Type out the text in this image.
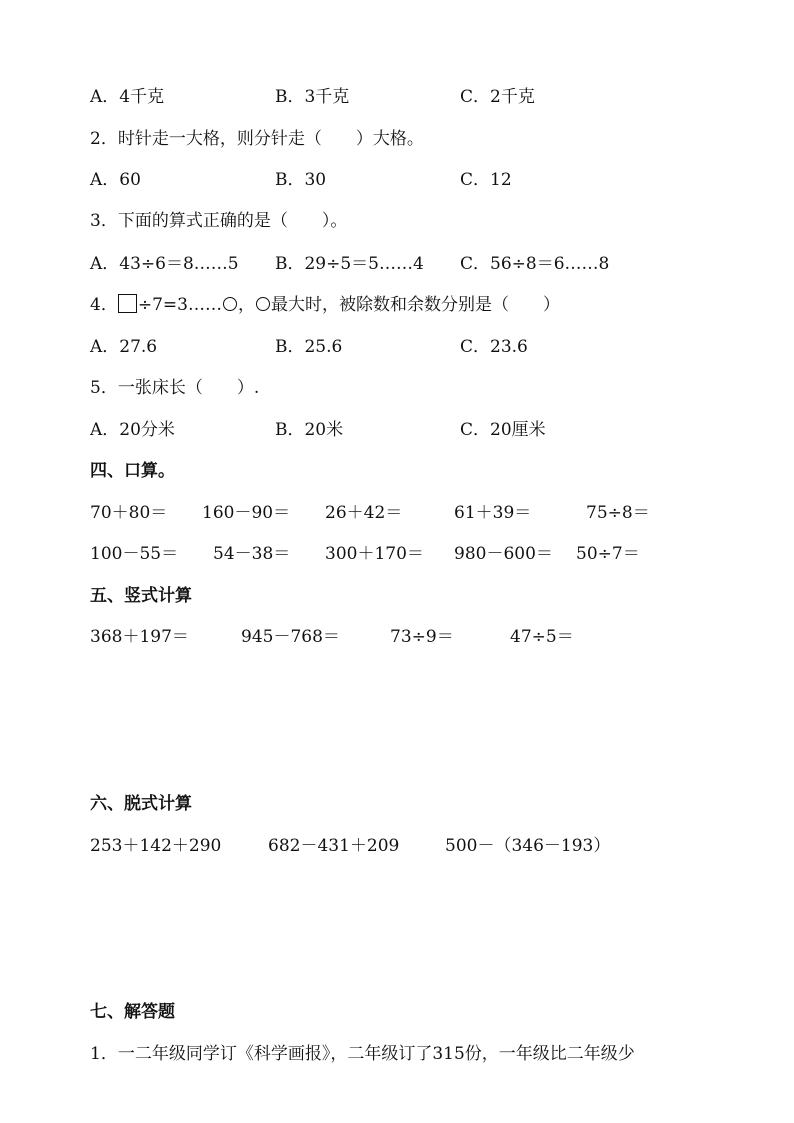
A．4千克	B．3千克	C．2千克
2．时针走一大格，则分针走（　　）大格。
A．60	B．30	C．12
3．下面的算式正确的是（　　）。
A．43÷6＝8……5 B．29÷5＝5……4 C．56÷8＝6……8
4． ÷7=3…… ， 最大时，被除数和余数分别是（　　）
A．27.6	B．25.6	C．23.6
5．一张床长（　　）.
A．20分米	B．20米	C．20厘米
四、口算。
70＋80＝ 160－90＝ 26＋42＝	61＋39＝	75÷8＝
100－55＝ 54－38＝ 300＋170＝ 980－600＝ 50÷7＝
五、竖式计算
368＋197＝	945－768＝	73÷9＝	47÷5＝
六、脱式计算
253＋142＋290	682－431＋209	500－（346－193）
七、解答题
1．一二年级同学订《科学画报》，二年级订了315份，一年级比二年级少
